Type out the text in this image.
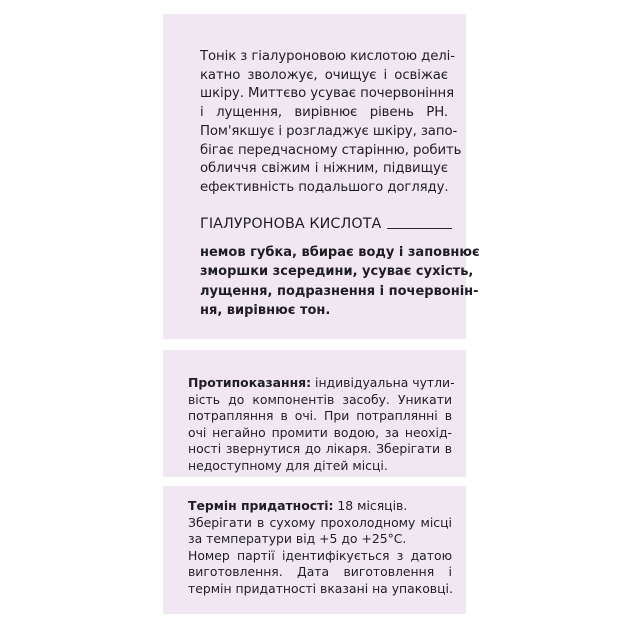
Тонік з гіалуроновою кислотою делі-
катно зволожує, очищує і освіжає
шкіру. Миттєво усуває почервоніння
і лущення, вирівнює рівень PH.
Пом'якшує і розгладжує шкіру, запо-
бігає передчасному старінню, робить
обличчя свіжим і ніжним, підвищує
ефективність подальшого догляду.
ГІАЛУРОНОВА КИСЛОТА
немов губка, вбирає воду і заповнює
зморшки зсередини, усуває сухість,
лущення, подразнення і почервонін-
ня, вирівнює тон.
Протипоказання: індивідуальна чутли-
вість до компонентів засобу. Уникати
потрапляння в очі. При потраплянні в
очі негайно промити водою, за неохід-
ності звернутися до лікаря. Зберігати в
недоступному для дітей місці.
Термін придатності: 18 місяців.
Зберігати в сухому прохолодному місці
за температури від +5 до +25°C.
Номер партії ідентифікується з датою
виготовлення. Дата виготовлення і
термін придатності вказані на упаковці.
